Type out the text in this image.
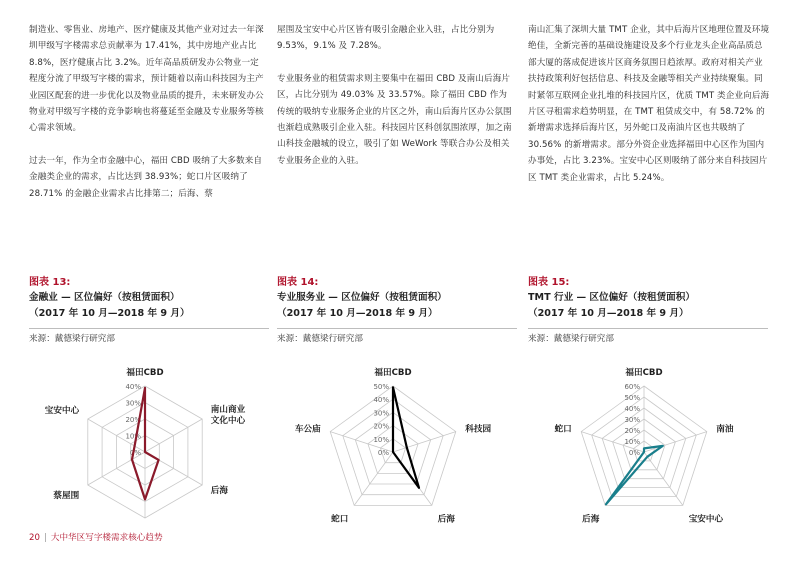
制造业、零售业、房地产、医疗健康及其他产业对过去一年深圳甲级写字楼需求总贡献率为 17.41%，其中房地产业占比 8.8%，医疗健康占比 3.2%。近年高品质研发办公物业一定程度分流了甲级写字楼的需求，预计随着以南山科技园为主产业园区配套的进一步优化以及物业品质的提升，未来研发办公物业对甲级写字楼的竞争影响也将蔓延至金融及专业服务等核心需求领域。

过去一年，作为全市金融中心，福田 CBD 吸纳了大多数来自金融类企业的需求，占比达到 38.93%；蛇口片区吸纳了 28.71% 的金融企业需求占比排第二；后海、蔡

屋围及宝安中心片区皆有吸引金融企业入驻，占比分别为 9.53%，9.1% 及 7.28%。

专业服务业的租赁需求则主要集中在福田 CBD 及南山后海片区，占比分别为 49.03% 及 33.57%。除了福田 CBD 作为传统的吸纳专业服务企业的片区之外，南山后海片区办公氛围也渐趋成熟吸引企业入驻。科技园片区科创氛围浓厚，加之南山科技金融城的设立，吸引了如 WeWork 等联合办公及相关专业服务企业的入驻。

南山汇集了深圳大量 TMT 企业，其中后海片区地理位置及环境绝佳，全新完善的基础设施建设及多个行业龙头企业高品质总部大厦的落成促进该片区商务氛围日趋浓厚。政府对相关产业扶持政策利好包括信息、科技及金融等相关产业持续聚集。同时紧邻互联网企业扎堆的科技园片区，优质 TMT 类企业向后海片区寻租需求趋势明显，在 TMT 租赁成交中，有 58.72% 的新增需求选择后海片区，另外蛇口及南油片区也共吸纳了 30.56% 的新增需求。部分外资企业选择福田中心区作为国内办事处，占比 3.23%。宝安中心区则吸纳了部分来自科技园片区 TMT 类企业需求，占比 5.24%。

图表 13:
金融业 — 区位偏好（按租赁面积）
（2017 年 10 月—2018 年 9 月）
来源：戴德梁行研究部
图表 14:
专业服务业 — 区位偏好（按租赁面积）
（2017 年 10 月—2018 年 9 月）
来源：戴德梁行研究部
图表 15:
TMT 行业 — 区位偏好（按租赁面积）
（2017 年 10 月—2018 年 9 月）
来源：戴德梁行研究部
0%
10%
20%
30%
40%
福田CBD
南山商业
文化中心
后海
蔡屋围
宝安中心
0%
10%
20%
30%
40%
50%
福田CBD
科技园
后海
蛇口
车公庙
0%
10%
20%
30%
40%
50%
60%
福田CBD
南油
宝安中心
后海
蛇口
20 | 大中华区写字楼需求核心趋势
